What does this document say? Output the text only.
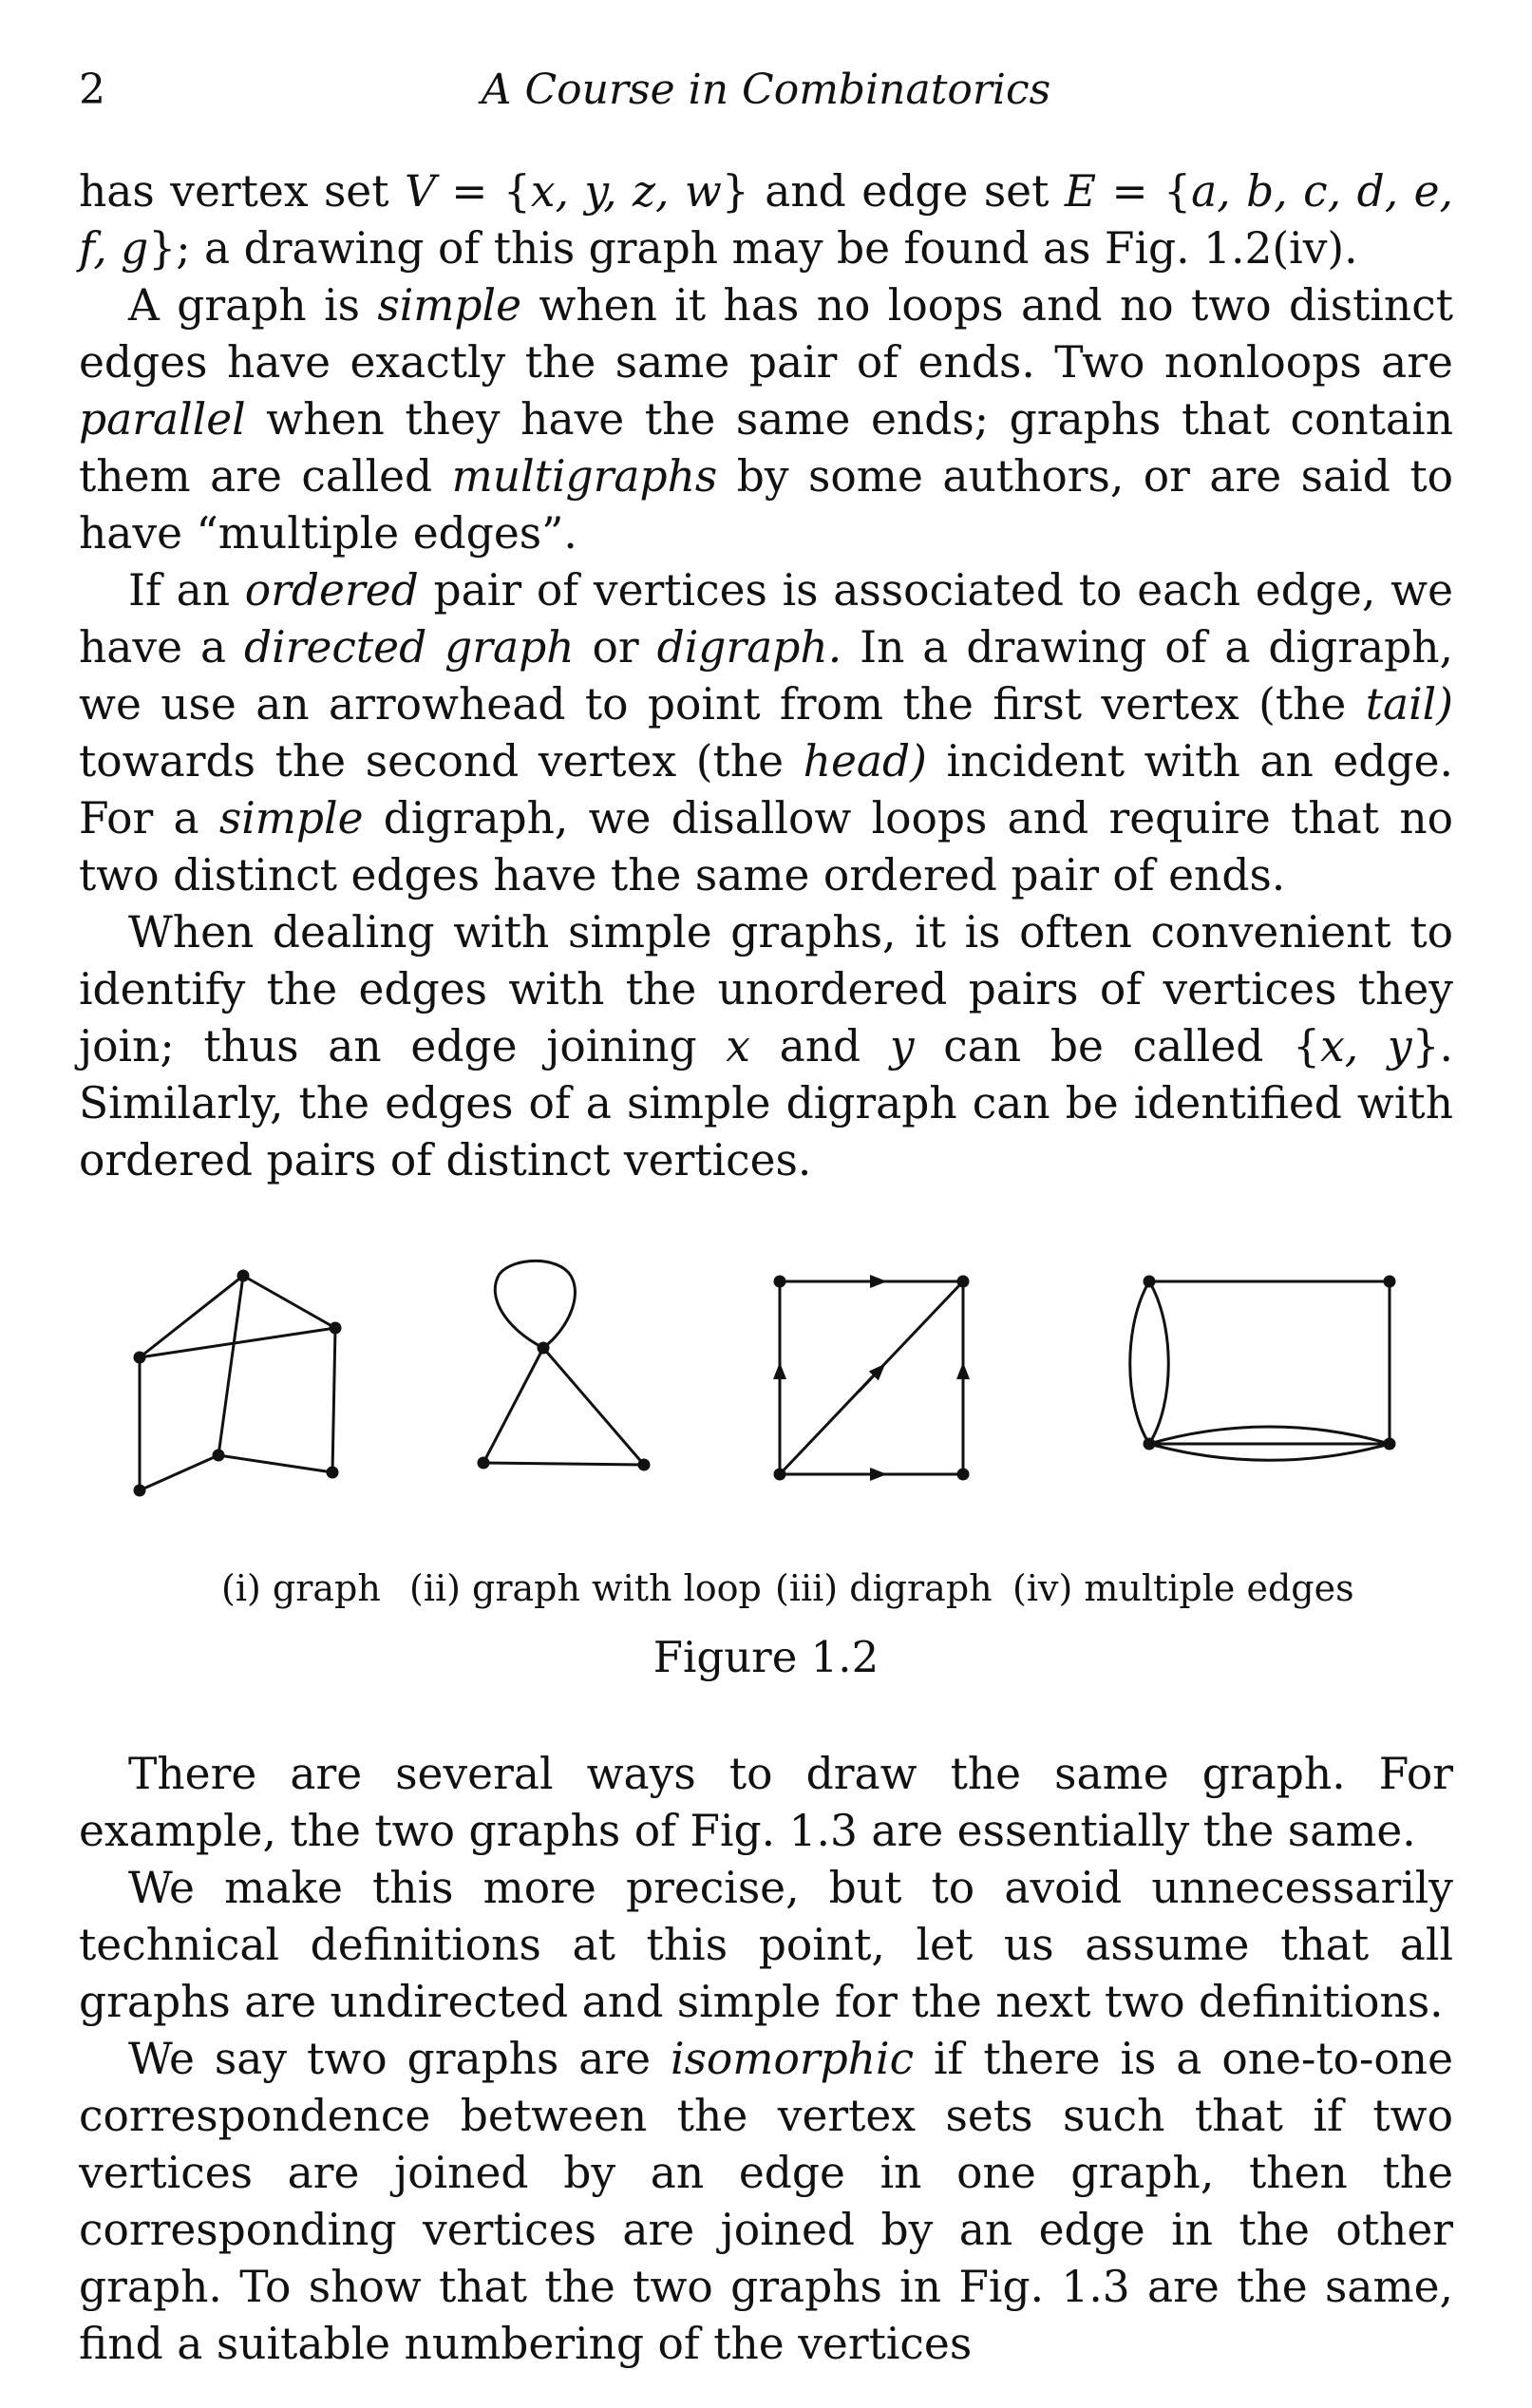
2	A Course in Combinatorics

has vertex set V = {x, y, z, w} and edge set E = {a, b, c, d, e, f, g}; a drawing of this graph may be found as Fig. 1.2(iv).

A graph is simple when it has no loops and no two distinct edges have exactly the same pair of ends. Two nonloops are parallel when they have the same ends; graphs that contain them are called multigraphs by some authors, or are said to have “multiple edges”.

If an ordered pair of vertices is associated to each edge, we have a directed graph or digraph. In a drawing of a digraph, we use an arrowhead to point from the first vertex (the tail) towards the second vertex (the head) incident with an edge. For a simple digraph, we disallow loops and require that no two distinct edges have the same ordered pair of ends.

When dealing with simple graphs, it is often convenient to identify the edges with the unordered pairs of vertices they join; thus an edge joining x and y can be called {x, y}. Similarly, the edges of a simple digraph can be identified with ordered pairs of distinct vertices.

(i) graph (ii) graph with loop (iii) digraph (iv) multiple edges
Figure 1.2

There are several ways to draw the same graph. For example, the two graphs of Fig. 1.3 are essentially the same.

We make this more precise, but to avoid unnecessarily technical definitions at this point, let us assume that all graphs are undirected and simple for the next two definitions.

We say two graphs are isomorphic if there is a one-to-one correspondence between the vertex sets such that if two vertices are joined by an edge in one graph, then the corresponding vertices are joined by an edge in the other graph. To show that the two graphs in Fig. 1.3 are the same, find a suitable numbering of the vertices
